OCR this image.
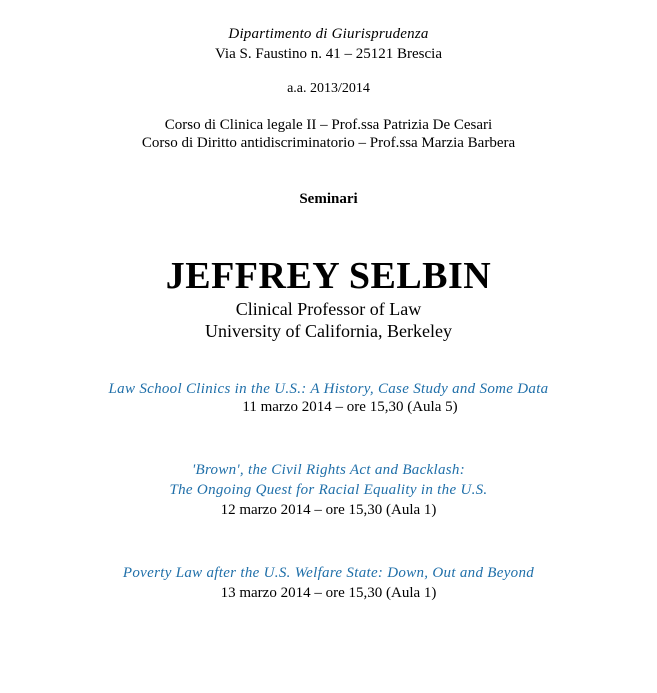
Dipartimento di Giurisprudenza
Via S. Faustino n. 41 – 25121 Brescia
a.a. 2013/2014
Corso di Clinica legale II – Prof.ssa Patrizia De Cesari
Corso di Diritto antidiscriminatorio – Prof.ssa Marzia Barbera
Seminari
JEFFREY SELBIN
Clinical Professor of Law
University of California, Berkeley
Law School Clinics in the U.S.: A History, Case Study and Some Data
11 marzo 2014 – ore 15,30 (Aula 5)
'Brown', the Civil Rights Act and Backlash:
The Ongoing Quest for Racial Equality in the U.S.
12 marzo 2014 – ore 15,30 (Aula 1)
Poverty Law after the U.S. Welfare State: Down, Out and Beyond
13 marzo 2014 – ore 15,30 (Aula 1)
